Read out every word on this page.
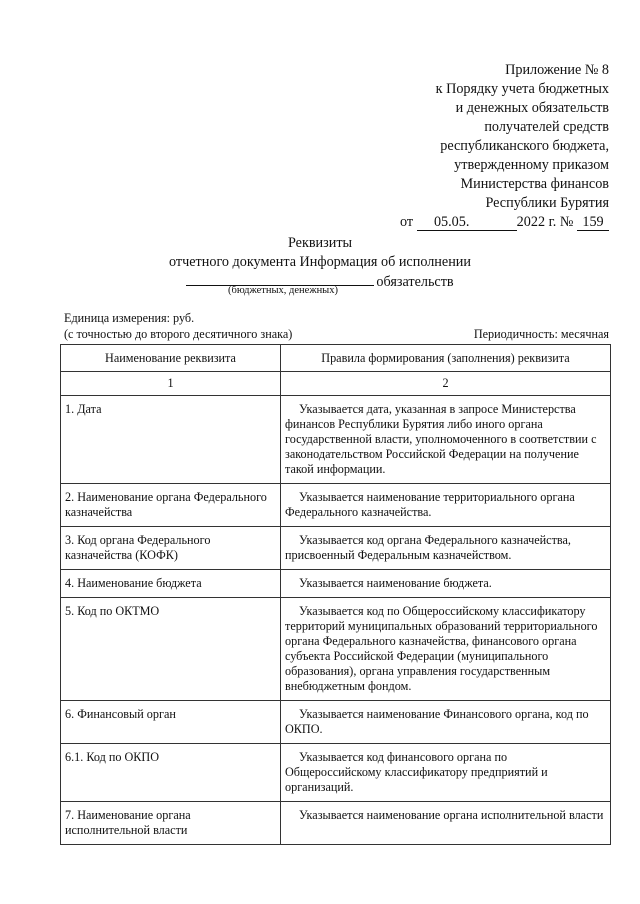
Приложение № 8
к Порядку учета бюджетных
и денежных обязательств
получателей средств
республиканского бюджета,
утвержденному приказом
Министерства финансов
Республики Бурятия
от 05.05.	2022 г. № 159
Реквизиты
отчетного документа Информация об исполнении
обязательств
(бюджетных, денежных)
Единица измерения: руб.
(с точностью до второго десятичного знака)	Периодичность: месячная
Наименование реквизита	Правила формирования (заполнения) реквизита
1	2
1. Дата	Указывается дата, указанная в запросе Министерства финансов Республики Бурятия либо иного органа государственной власти, уполномоченного в соответствии с законодательством Российской Федерации на получение такой информации.
2. Наименование органа Федерального казначейства	Указывается наименование территориального органа Федерального казначейства.
3. Код органа Федерального казначейства (КОФК)	Указывается код органа Федерального казначейства, присвоенный Федеральным казначейством.
4. Наименование бюджета	Указывается наименование бюджета.
5. Код по ОКТМО	Указывается код по Общероссийскому классификатору территорий муниципальных образований территориального органа Федерального казначейства, финансового органа субъекта Российской Федерации (муниципального образования), органа управления государственным внебюджетным фондом.
6. Финансовый орган	Указывается наименование Финансового органа, код по ОКПО.
6.1. Код по ОКПО	Указывается код финансового органа по Общероссийскому классификатору предприятий и организаций.
7. Наименование органа исполнительной власти	Указывается наименование органа исполнительной власти
